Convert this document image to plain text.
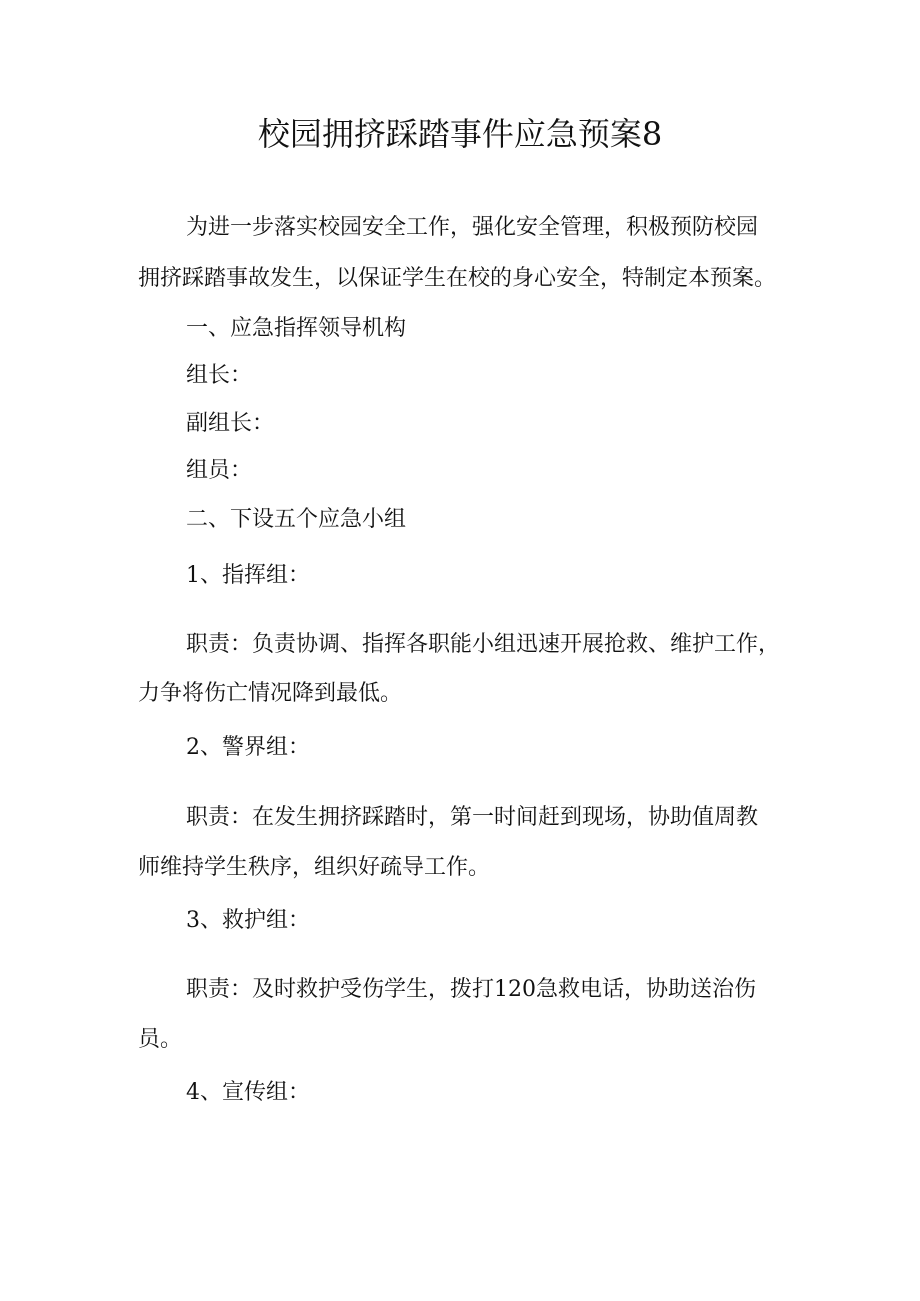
校园拥挤踩踏事件应急预案8

为进一步落实校园安全工作，强化安全管理，积极预防校园

拥挤踩踏事故发生，以保证学生在校的身心安全，特制定本预案。

一、应急指挥领导机构

组长：

副组长：

组员：

二、下设五个应急小组

1、指挥组：

职责：负责协调、指挥各职能小组迅速开展抢救、维护工作，

力争将伤亡情况降到最低。

2、警界组：

职责：在发生拥挤踩踏时，第一时间赶到现场，协助值周教

师维持学生秩序，组织好疏导工作。

3、救护组：

职责：及时救护受伤学生，拨打120急救电话，协助送治伤

员。

4、宣传组：
